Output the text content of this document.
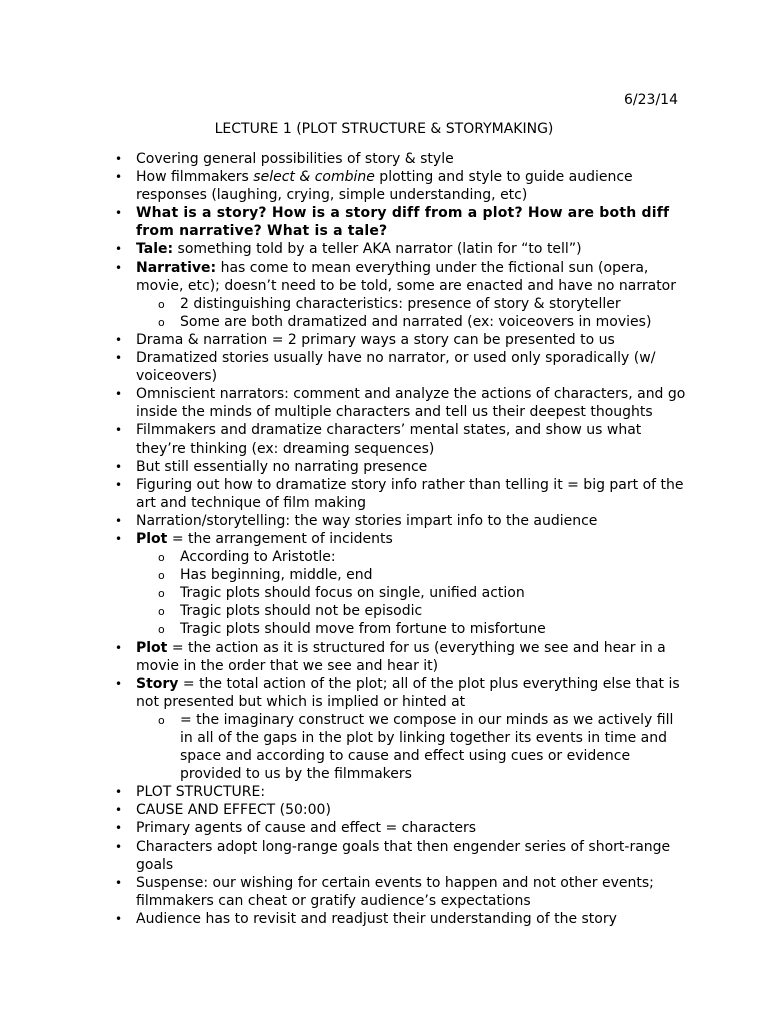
6/23/14
LECTURE 1 (PLOT STRUCTURE & STORYMAKING)
• Covering general possibilities of story & style
• How filmmakers select & combine plotting and style to guide audience responses (laughing, crying, simple understanding, etc)
• What is a story? How is a story diff from a plot? How are both diff from narrative? What is a tale?
• Tale: something told by a teller AKA narrator (latin for “to tell”)
• Narrative: has come to mean everything under the fictional sun (opera, movie, etc); doesn’t need to be told, some are enacted and have no narrator
o 2 distinguishing characteristics: presence of story & storyteller
o Some are both dramatized and narrated (ex: voiceovers in movies)
• Drama & narration = 2 primary ways a story can be presented to us
• Dramatized stories usually have no narrator, or used only sporadically (w/ voiceovers)
• Omniscient narrators: comment and analyze the actions of characters, and go inside the minds of multiple characters and tell us their deepest thoughts
• Filmmakers and dramatize characters’ mental states, and show us what they’re thinking (ex: dreaming sequences)
• But still essentially no narrating presence
• Figuring out how to dramatize story info rather than telling it = big part of the art and technique of film making
• Narration/storytelling: the way stories impart info to the audience
• Plot = the arrangement of incidents
o According to Aristotle:
o Has beginning, middle, end
o Tragic plots should focus on single, unified action
o Tragic plots should not be episodic
o Tragic plots should move from fortune to misfortune
• Plot = the action as it is structured for us (everything we see and hear in a movie in the order that we see and hear it)
• Story = the total action of the plot; all of the plot plus everything else that is not presented but which is implied or hinted at
o = the imaginary construct we compose in our minds as we actively fill in all of the gaps in the plot by linking together its events in time and space and according to cause and effect using cues or evidence provided to us by the filmmakers
• PLOT STRUCTURE:
• CAUSE AND EFFECT (50:00)
• Primary agents of cause and effect = characters
• Characters adopt long-range goals that then engender series of short-range goals
• Suspense: our wishing for certain events to happen and not other events; filmmakers can cheat or gratify audience’s expectations
• Audience has to revisit and readjust their understanding of the story
